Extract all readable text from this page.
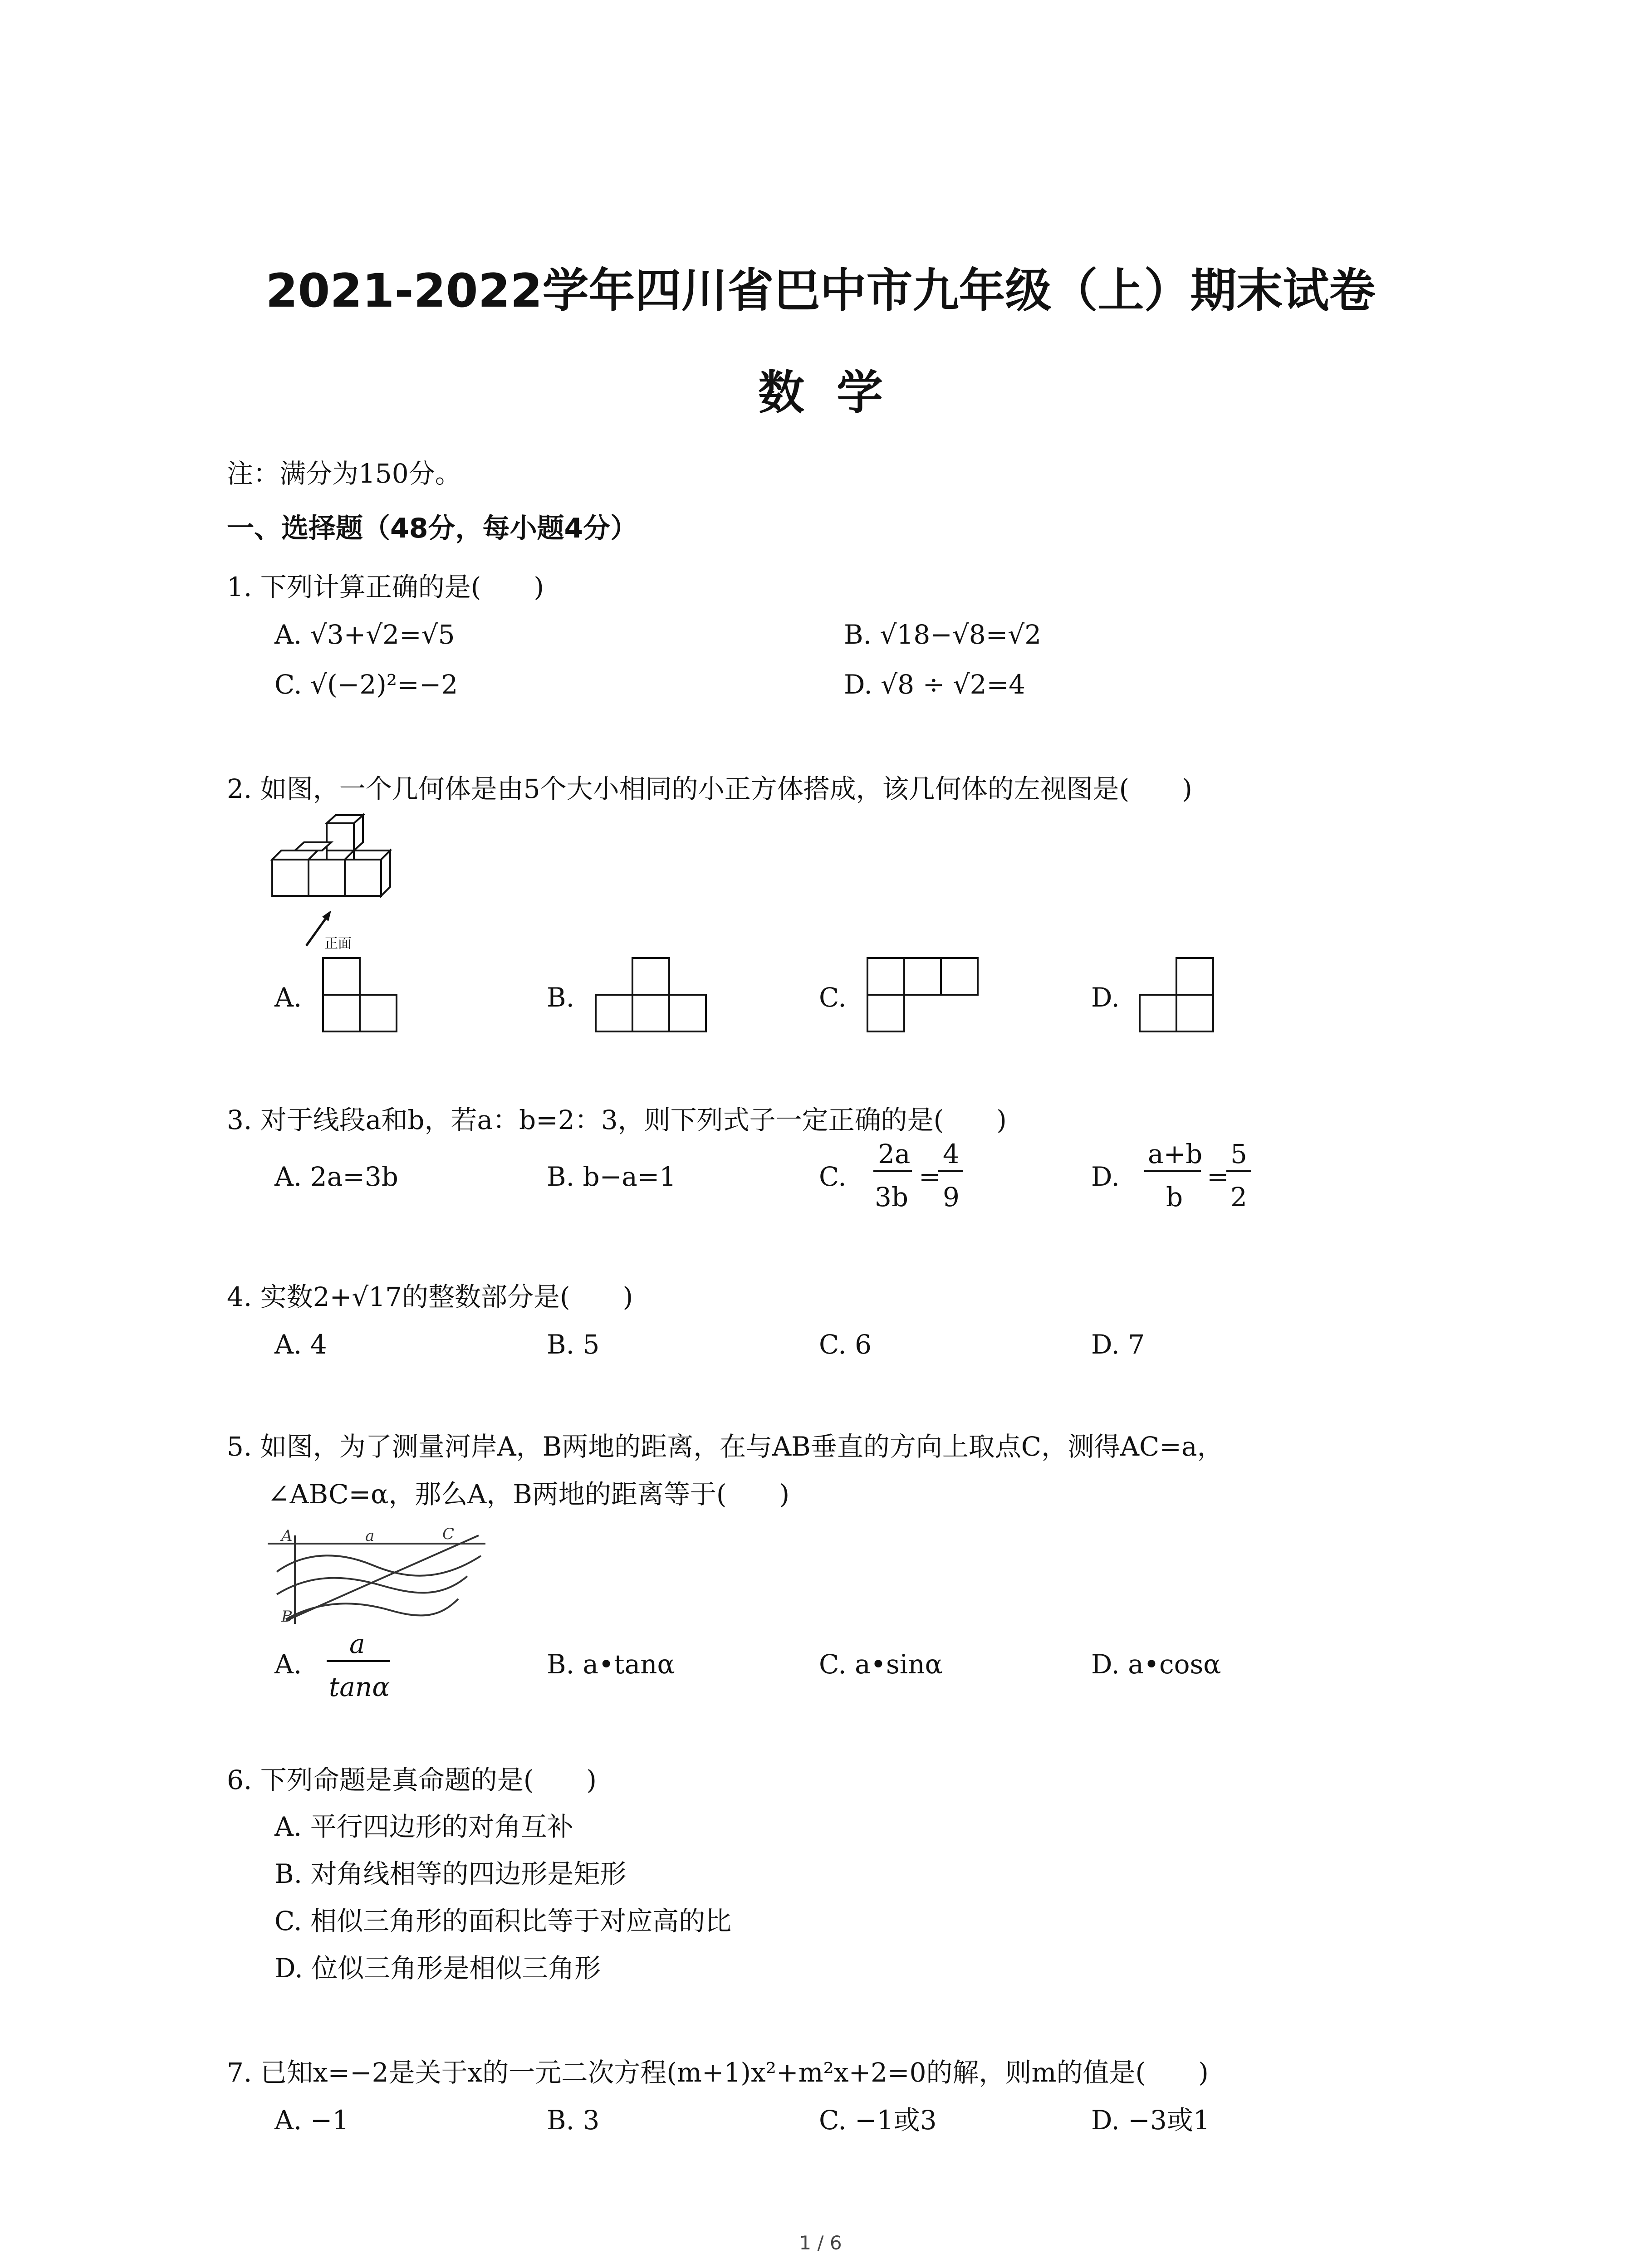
2021-2022学年四川省巴中市九年级（上）期末试卷
数  学
注：满分为150分。
一、选择题（48分，每小题4分）
1. 下列计算正确的是(　　)
A. √3+√2=√5	B. √18−√8=√2
C. √(−2)²=−2	D. √8 ÷ √2=4
2. 如图，一个几何体是由5个大小相同的小正方体搭成，该几何体的左视图是(　　)
正面
A.	B.	C.	D.
3. 对于线段a和b，若a：b=2：3，则下列式子一定正确的是(　　)
A. 2a=3b	B. b−a=1	C.
2a
3b
=
4
9
D.
a+b
b
=
5
2
4. 实数2+√17的整数部分是(　　)
A. 4	B. 5	C. 6	D. 7
5. 如图，为了测量河岸A，B两地的距离，在与AB垂直的方向上取点C，测得AC=a，
∠ABC=α，那么A，B两地的距离等于(　　)
A	a	C
B
A.
a
tanα
B. a•tanα	C. a•sinα	D. a•cosα
6. 下列命题是真命题的是(　　)
A. 平行四边形的对角互补
B. 对角线相等的四边形是矩形
C. 相似三角形的面积比等于对应高的比
D. 位似三角形是相似三角形
7. 已知x=−2是关于x的一元二次方程(m+1)x²+m²x+2=0的解，则m的值是(　　)
A. −1	B. 3	C. −1或3	D. −3或1
1 / 6
